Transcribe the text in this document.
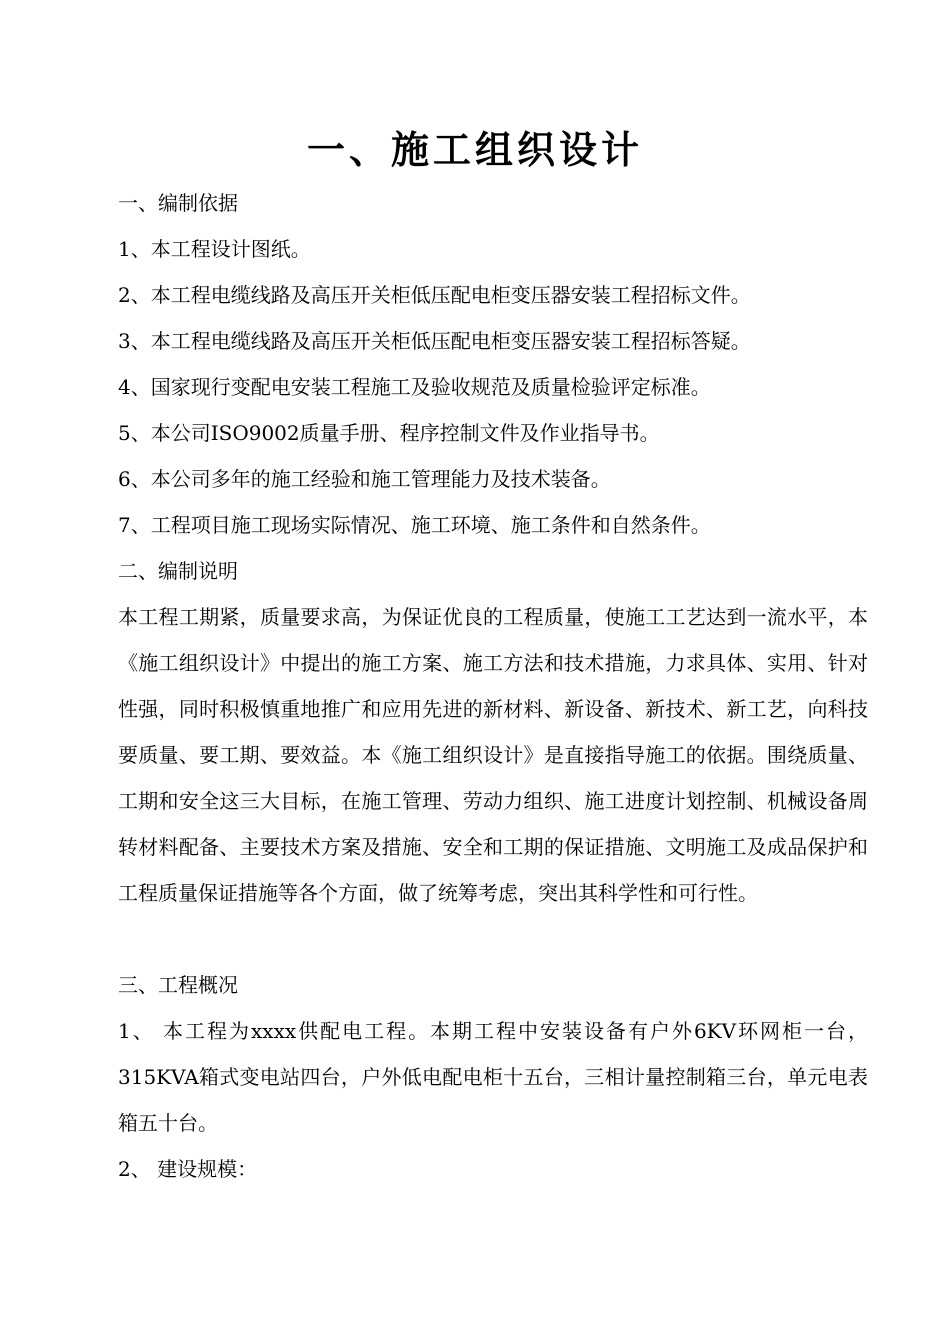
一、施工组织设计
一、编制依据
1、本工程设计图纸。
2、本工程电缆线路及高压开关柜低压配电柜变压器安装工程招标文件。
3、本工程电缆线路及高压开关柜低压配电柜变压器安装工程招标答疑。
4、国家现行变配电安装工程施工及验收规范及质量检验评定标准。
5、本公司ISO9002质量手册、程序控制文件及作业指导书。
6、本公司多年的施工经验和施工管理能力及技术装备。
7、工程项目施工现场实际情况、施工环境、施工条件和自然条件。
二、编制说明
本工程工期紧，质量要求高，为保证优良的工程质量，使施工工艺达到一流水平，本《施工组织设计》中提出的施工方案、施工方法和技术措施，力求具体、实用、针对性强，同时积极慎重地推广和应用先进的新材料、新设备、新技术、新工艺，向科技要质量、要工期、要效益。本《施工组织设计》是直接指导施工的依据。围绕质量、工期和安全这三大目标，在施工管理、劳动力组织、施工进度计划控制、机械设备周转材料配备、主要技术方案及措施、安全和工期的保证措施、文明施工及成品保护和工程质量保证措施等各个方面，做了统筹考虑，突出其科学性和可行性。
三、工程概况
1、 本工程为xxxx供配电工程。本期工程中安装设备有户外6KV环网柜一台，315KVA箱式变电站四台，户外低电配电柜十五台，三相计量控制箱三台，单元电表箱五十台。
2、 建设规模：
